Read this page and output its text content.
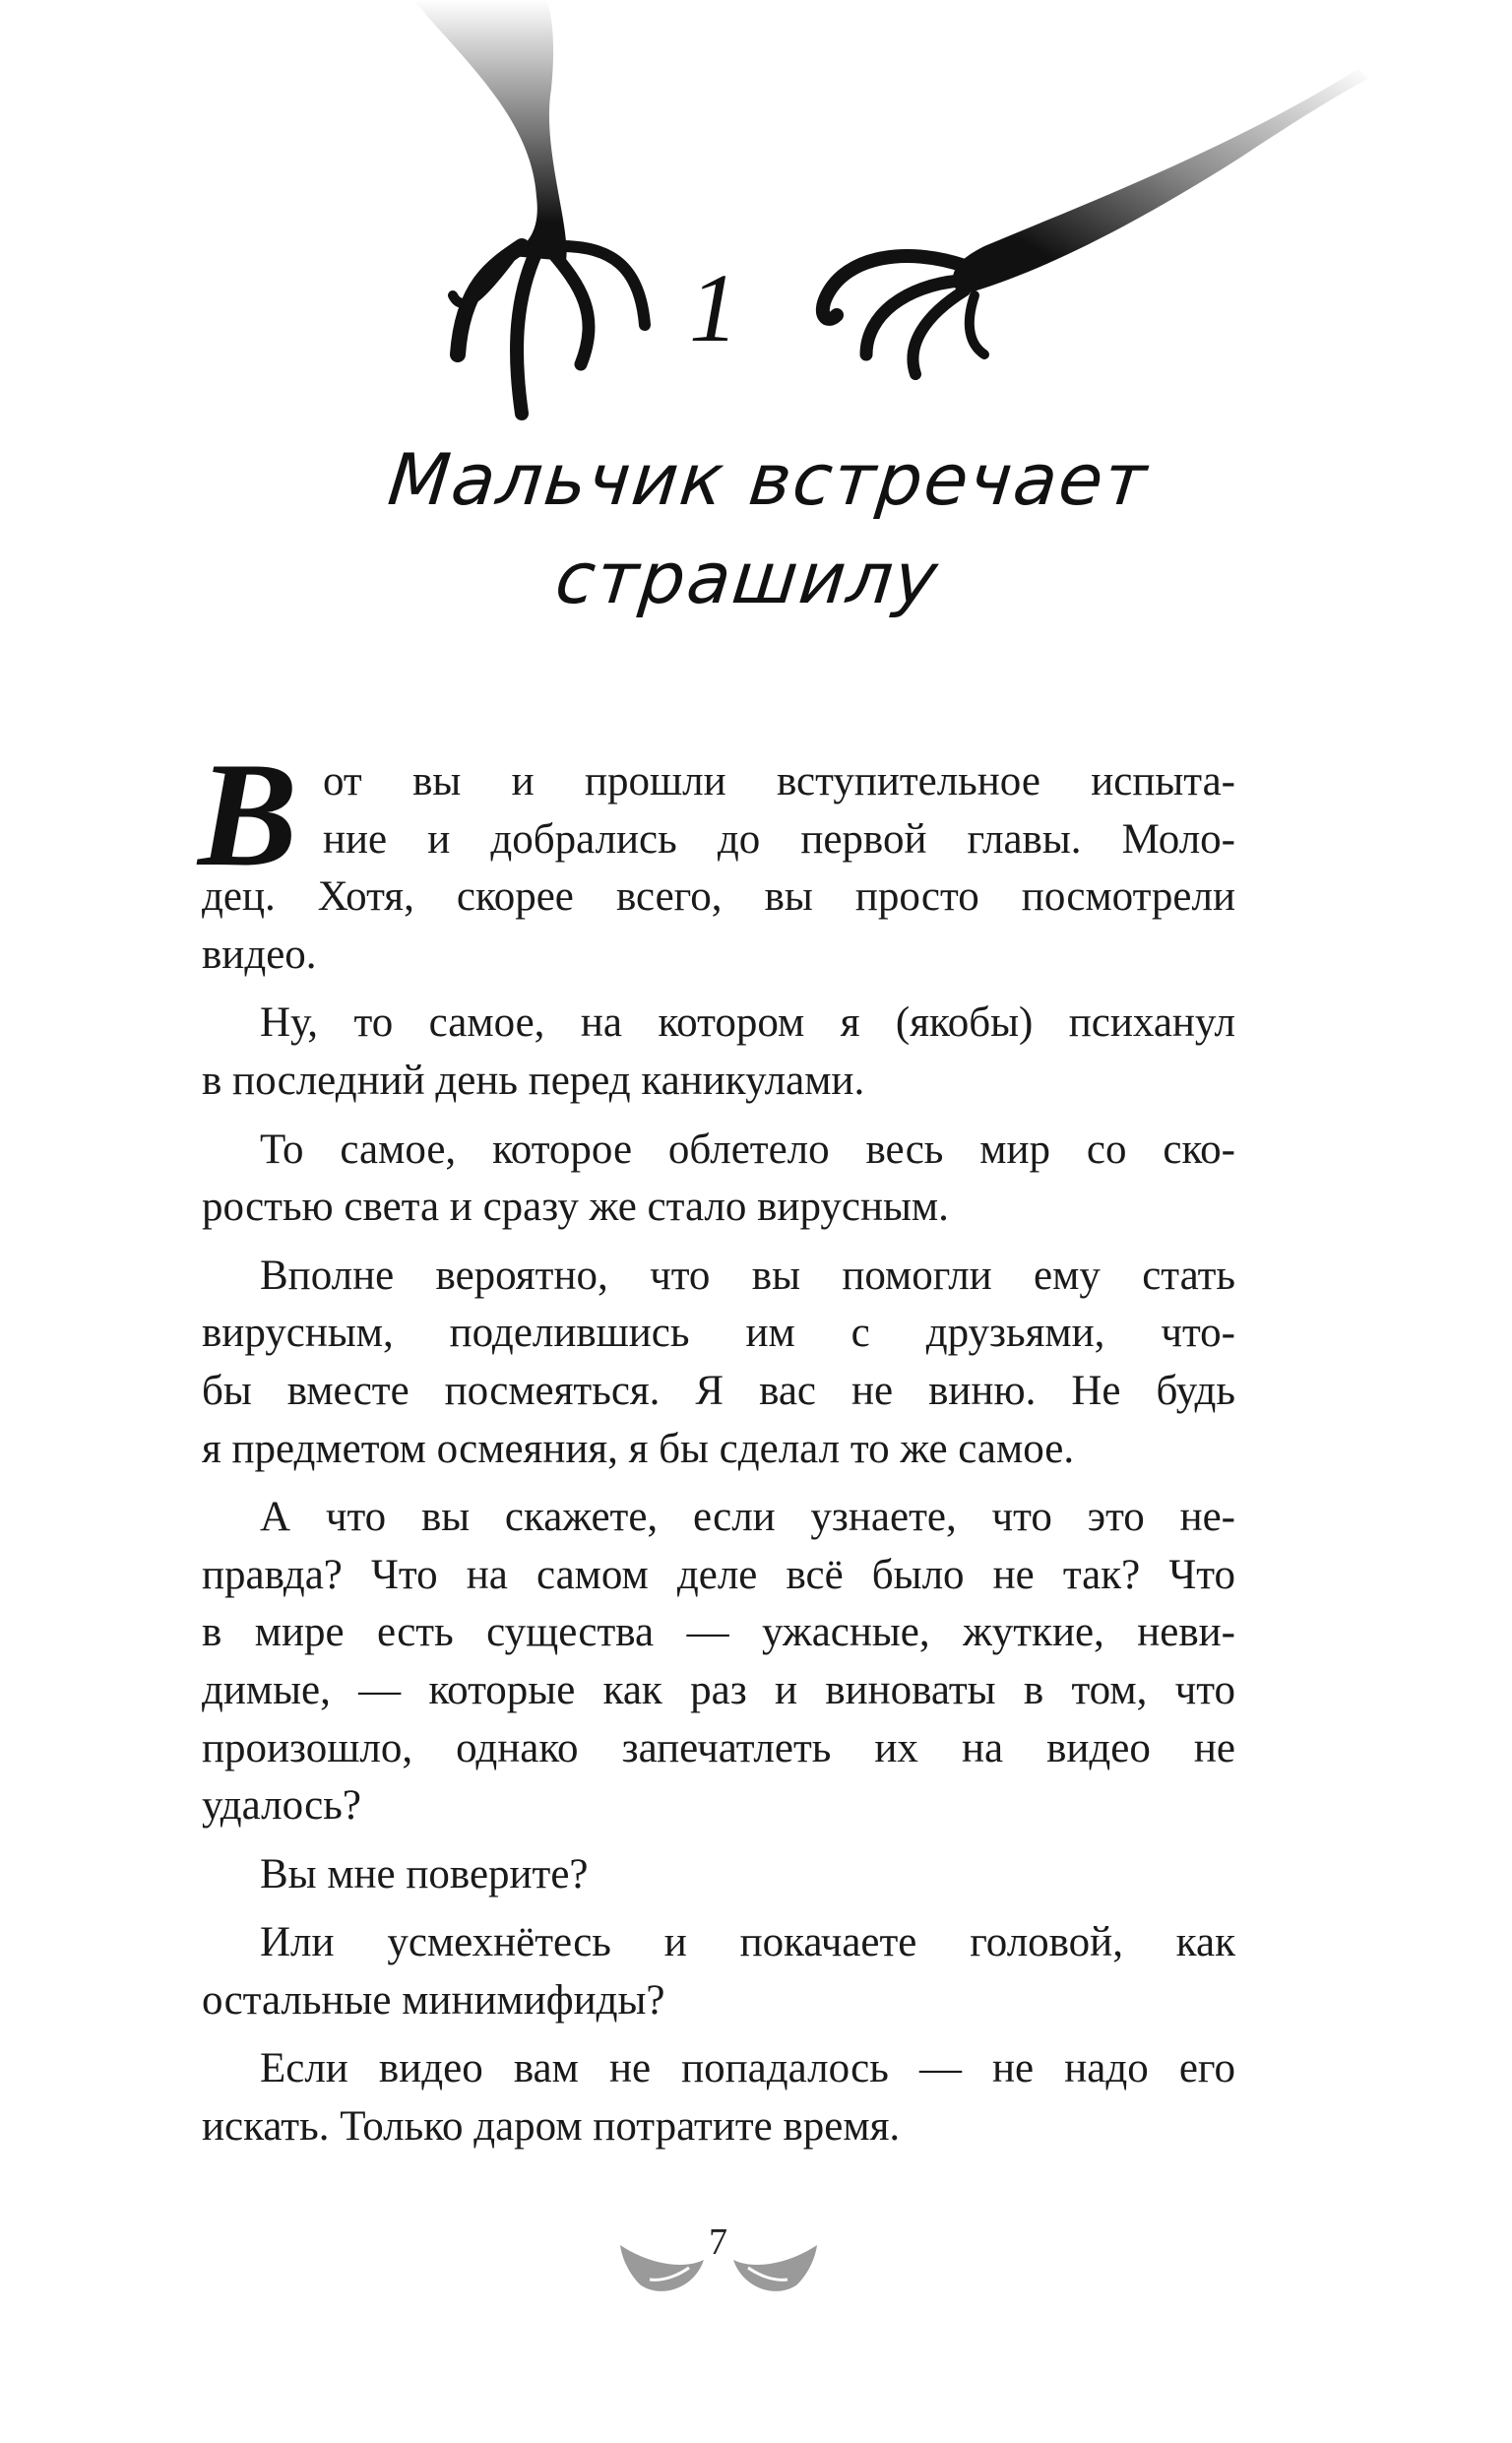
1
Мальчик встречает
страшилу
В от вы и прошли вступительное испыта-
ние и добрались до первой главы. Моло-
дец. Хотя, скорее всего, вы просто посмотрели
видео.
Ну, то самое, на котором я (якобы) психанул
в последний день перед каникулами.
То самое, которое облетело весь мир со ско-
ростью света и сразу же стало вирусным.
Вполне вероятно, что вы помогли ему стать
вирусным, поделившись им с друзьями, что-
бы вместе посмеяться. Я вас не виню. Не будь
я предметом осмеяния, я бы сделал то же самое.
А что вы скажете, если узнаете, что это не-
правда? Что на самом деле всё было не так? Что
в мире есть существа — ужасные, жуткие, неви-
димые, — которые как раз и виноваты в том, что
произошло, однако запечатлеть их на видео не
удалось?
Вы мне поверите?
Или усмехнётесь и покачаете головой, как
остальные минимифиды?
Если видео вам не попадалось — не надо его
искать. Только даром потратите время.
7
